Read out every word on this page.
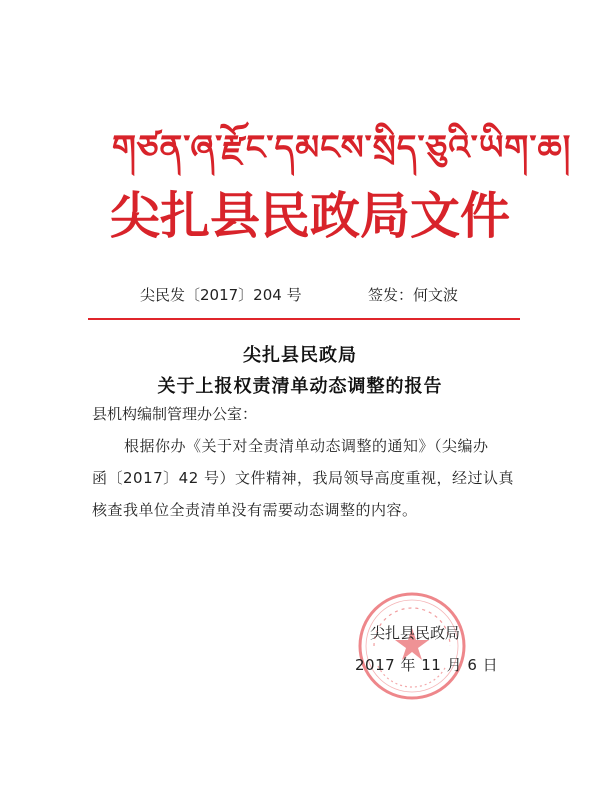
གཙན་ཞ་རྫོང་དམངས་སྲིད་ཅུའི་ཡིག་ཆ།
尖扎县民政局文件
尖民发〔2017〕204 号	签发：何文波
尖扎县民政局
关于上报权责清单动态调整的报告
县机构编制管理办公室：
根据你办《关于对全责清单动态调整的通知》（尖编办
函〔2017〕42 号）文件精神，我局领导高度重视，经过认真
核查我单位全责清单没有需要动态调整的内容。
尖扎县民政局
2017 年 11 月 6 日
